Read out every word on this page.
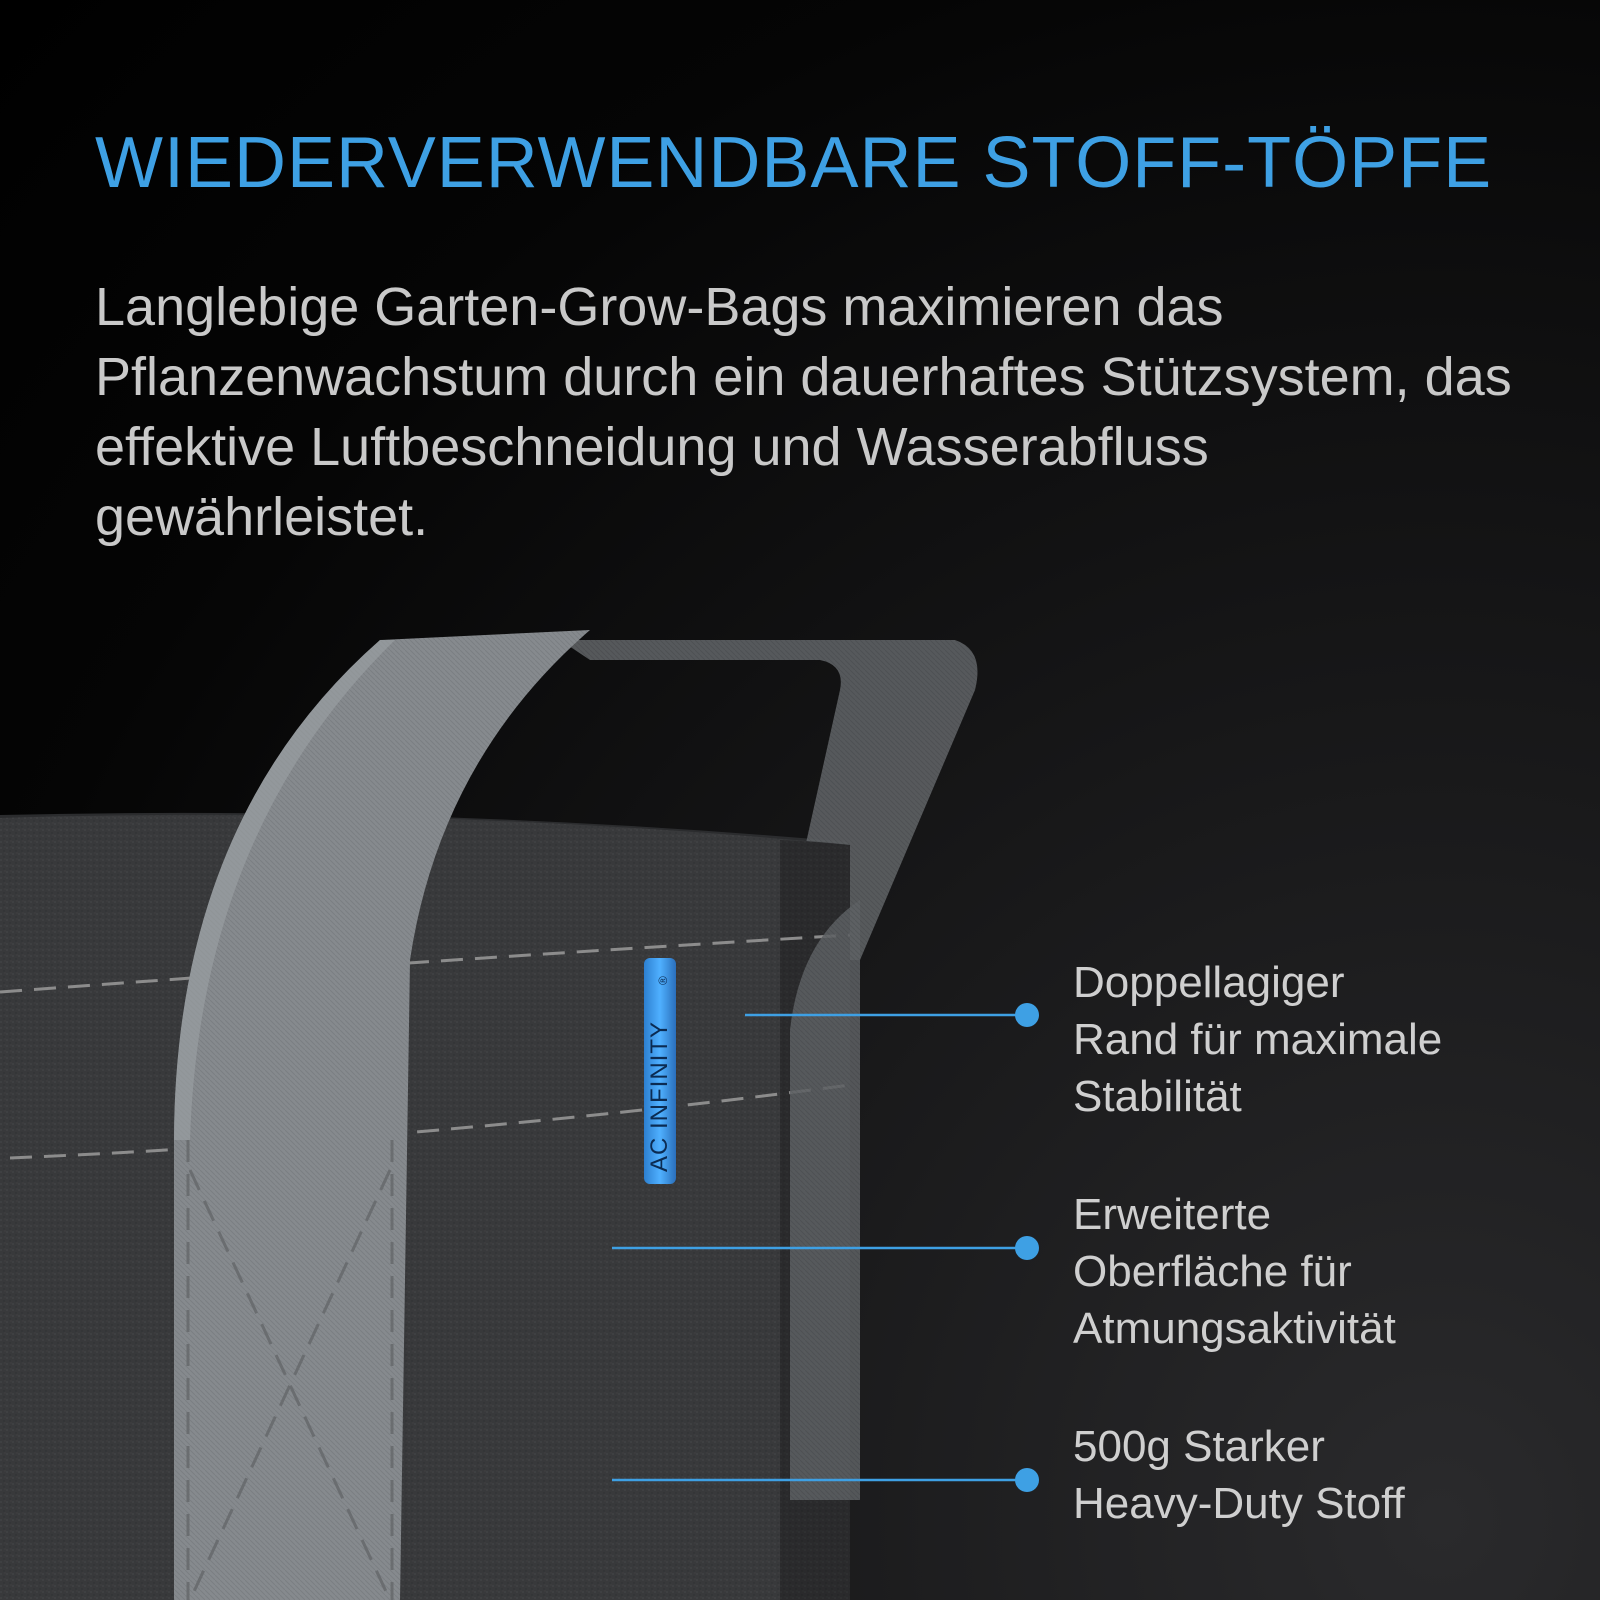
WIEDERVERWENDBARE STOFF-TÖPFE

Langlebige Garten-Grow-Bags maximieren das Pflanzenwachstum durch ein dauerhaftes Stützsystem, das effektive Luftbeschneidung und Wasserabfluss gewährleistet.

AC INFINITY
®	Doppellagiger
Rand für maximale
Stabilität

Erweiterte
Oberfläche für
Atmungsaktivität

500g Starker
Heavy-Duty Stoff
